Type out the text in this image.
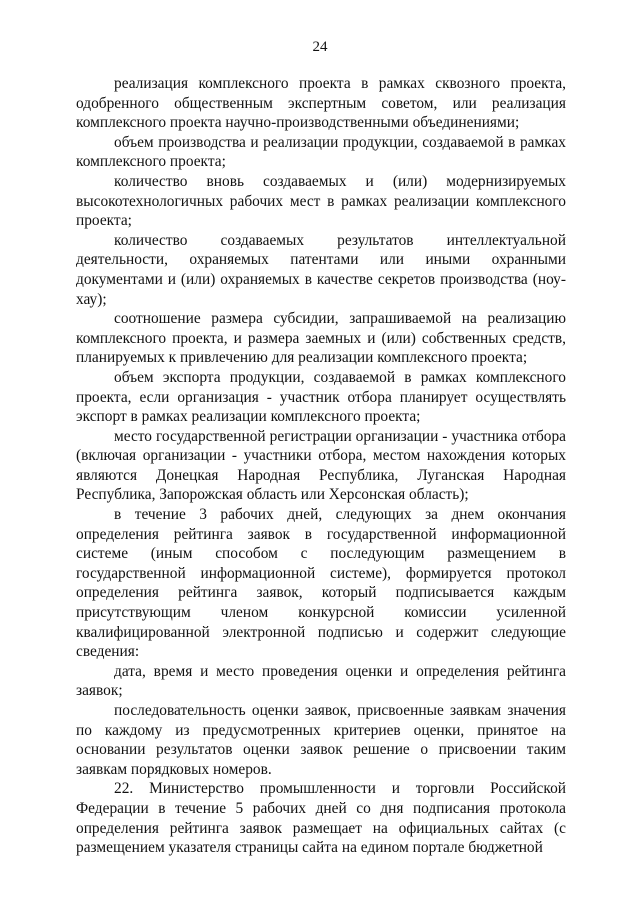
24

реализация комплексного проекта в рамках сквозного проекта, одобренного общественным экспертным советом, или реализация комплексного проекта научно-производственными объединениями;

объем производства и реализации продукции, создаваемой в рамках комплексного проекта;

количество вновь создаваемых и (или) модернизируемых высокотехнологичных рабочих мест в рамках реализации комплексного проекта;

количество создаваемых результатов интеллектуальной деятельности, охраняемых патентами или иными охранными документами и (или) охраняемых в качестве секретов производства (ноу-хау);

соотношение размера субсидии, запрашиваемой на реализацию комплексного проекта, и размера заемных и (или) собственных средств, планируемых к привлечению для реализации комплексного проекта;

объем экспорта продукции, создаваемой в рамках комплексного проекта, если организация - участник отбора планирует осуществлять экспорт в рамках реализации комплексного проекта;

место государственной регистрации организации - участника отбора (включая организации - участники отбора, местом нахождения которых являются Донецкая Народная Республика, Луганская Народная Республика, Запорожская область или Херсонская область);

в течение 3 рабочих дней, следующих за днем окончания определения рейтинга заявок в государственной информационной системе (иным способом с последующим размещением в государственной информационной системе), формируется протокол определения рейтинга заявок, который подписывается каждым присутствующим членом конкурсной комиссии усиленной квалифицированной электронной подписью и содержит следующие сведения:

дата, время и место проведения оценки и определения рейтинга заявок;

последовательность оценки заявок, присвоенные заявкам значения по каждому из предусмотренных критериев оценки, принятое на основании результатов оценки заявок решение о присвоении таким заявкам порядковых номеров.

22. Министерство промышленности и торговли Российской Федерации в течение 5 рабочих дней со дня подписания протокола определения рейтинга заявок размещает на официальных сайтах (с размещением указателя страницы сайта на едином портале бюджетной
